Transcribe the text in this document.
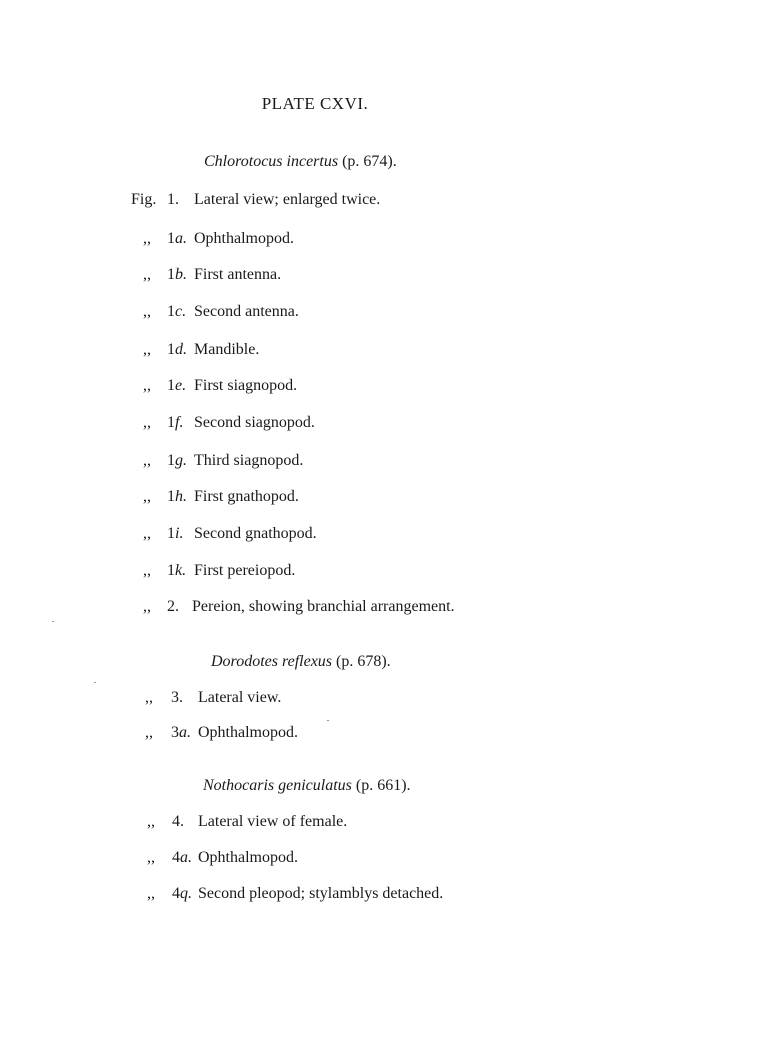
PLATE CXVI.
Chlorotocus incertus (p. 674).
Fig. 1. Lateral view; enlarged twice.
,, 1a. Ophthalmopod.
,, 1b. First antenna.
,, 1c. Second antenna.
,, 1d. Mandible.
,, 1e. First siagnopod.
,, 1f. Second siagnopod.
,, 1g. Third siagnopod.
,, 1h. First gnathopod.
,, 1i. Second gnathopod.
,, 1k. First pereiopod.
,, 2. Pereion, showing branchial arrangement.
Dorodotes reflexus (p. 678).
,, 3. Lateral view.
,, 3a. Ophthalmopod.
Nothocaris geniculatus (p. 661).
,, 4. Lateral view of female.
,, 4a. Ophthalmopod.
,, 4q. Second pleopod; stylamblys detached.
